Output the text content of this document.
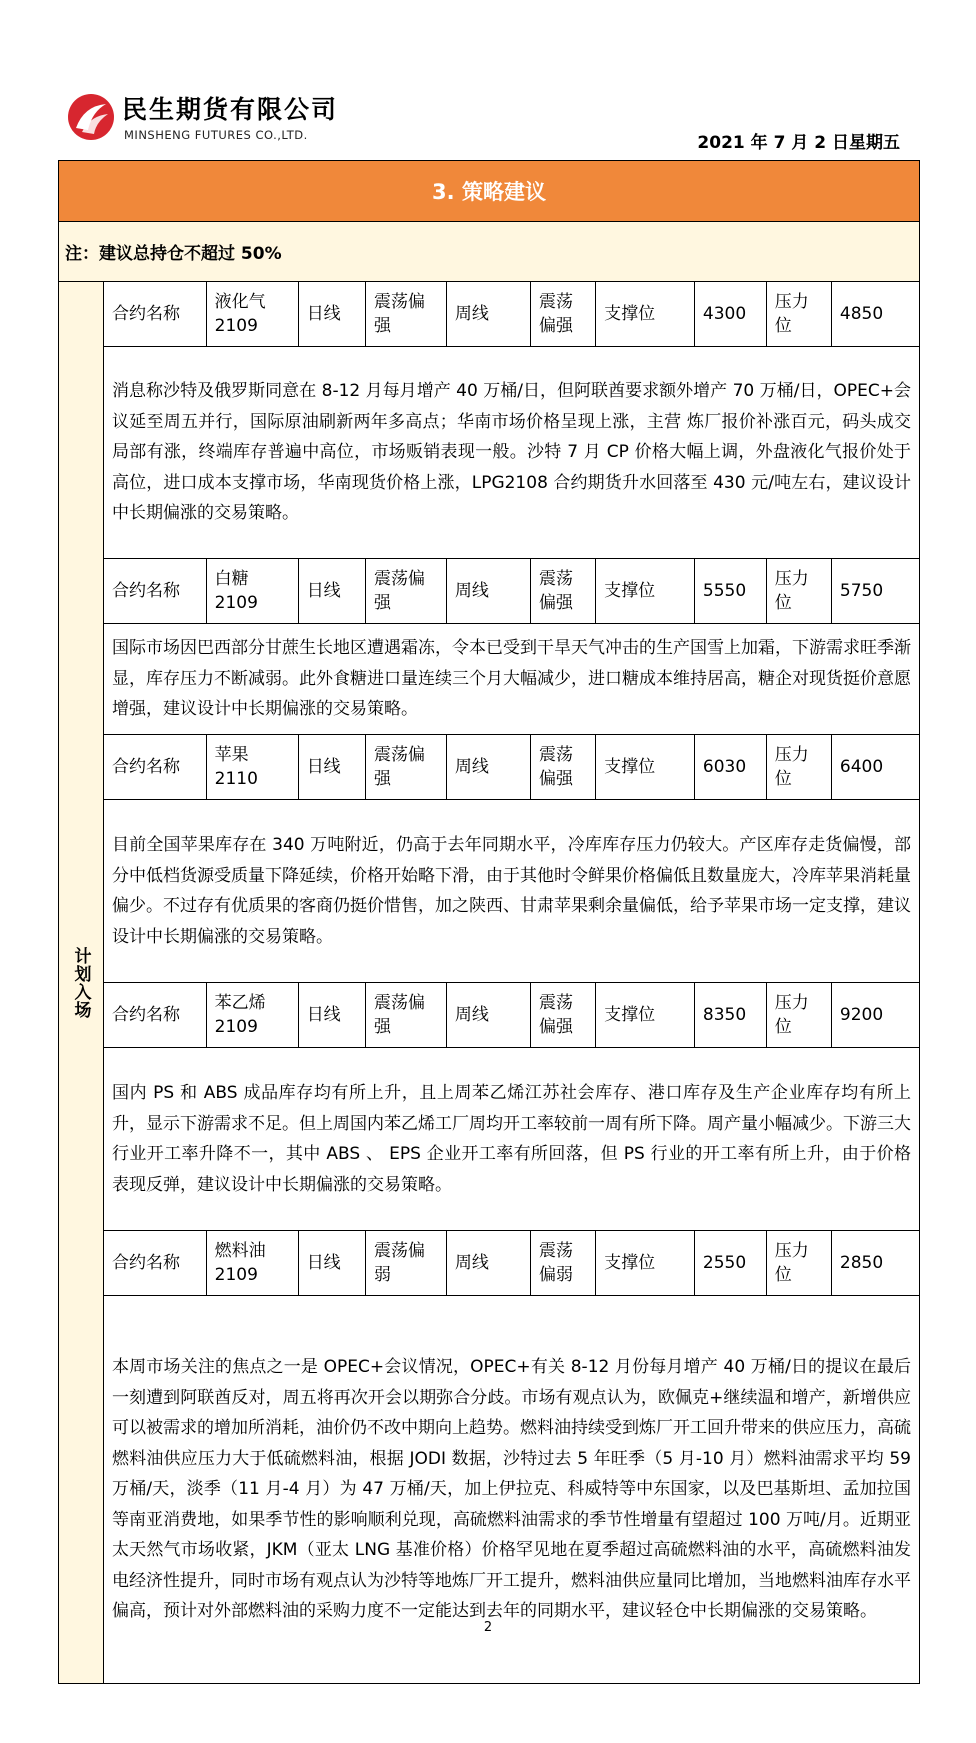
民生期货有限公司
MINSHENG FUTURES CO.,LTD.	2021 年 7 月 2 日星期五
3. 策略建议
注：建议总持仓不超过 50%
计划入场
合约名称	液化气 2109	日线	震荡偏强	周线	震荡偏强	支撑位	4300	压力位	4850
消息称沙特及俄罗斯同意在 8-12 月每月增产 40 万桶/日，但阿联酋要求额外增产 70 万桶/日，OPEC+会议延至周五并行，国际原油刷新两年多高点；华南市场价格呈现上涨，主营 炼厂报价补涨百元，码头成交局部有涨，终端库存普遍中高位，市场贩销表现一般。沙特 7 月 CP 价格大幅上调，外盘液化气报价处于高位，进口成本支撑市场，华南现货价格上涨，LPG2108 合约期货升水回落至 430 元/吨左右，建议设计中长期偏涨的交易策略。									
合约名称	白糖 2109	日线	震荡偏强	周线	震荡偏强	支撑位	5550	压力位	5750
国际市场因巴西部分甘蔗生长地区遭遇霜冻，令本已受到干旱天气冲击的生产国雪上加霜，下游需求旺季渐显，库存压力不断减弱。此外食糖进口量连续三个月大幅减少，进口糖成本维持居高，糖企对现货挺价意愿增强，建议设计中长期偏涨的交易策略。									
合约名称	苹果 2110	日线	震荡偏强	周线	震荡偏强	支撑位	6030	压力位	6400
目前全国苹果库存在 340 万吨附近，仍高于去年同期水平，冷库库存压力仍较大。产区库存走货偏慢，部分中低档货源受质量下降延续，价格开始略下滑，由于其他时令鲜果价格偏低且数量庞大，冷库苹果消耗量偏少。不过存有优质果的客商仍挺价惜售，加之陕西、甘肃苹果剩余量偏低，给予苹果市场一定支撑，建议设计中长期偏涨的交易策略。									
合约名称	苯乙烯 2109	日线	震荡偏强	周线	震荡偏强	支撑位	8350	压力位	9200
国内 PS 和 ABS 成品库存均有所上升，且上周苯乙烯江苏社会库存、港口库存及生产企业库存均有所上升，显示下游需求不足。但上周国内苯乙烯工厂周均开工率较前一周有所下降。周产量小幅减少。下游三大行业开工率升降不一，其中 ABS 、 EPS 企业开工率有所回落，但 PS 行业的开工率有所上升，由于价格表现反弹，建议设计中长期偏涨的交易策略。									
合约名称	燃料油 2109	日线	震荡偏弱	周线	震荡偏弱	支撑位	2550	压力位	2850
本周市场关注的焦点之一是 OPEC+会议情况，OPEC+有关 8-12 月份每月增产 40 万桶/日的提议在最后一刻遭到阿联酋反对，周五将再次开会以期弥合分歧。市场有观点认为，欧佩克+继续温和增产，新增供应可以被需求的增加所消耗，油价仍不改中期向上趋势。燃料油持续受到炼厂开工回升带来的供应压力，高硫燃料油供应压力大于低硫燃料油，根据 JODI 数据，沙特过去 5 年旺季（5 月-10 月）燃料油需求平均 59 万桶/天，淡季（11 月-4 月）为 47 万桶/天，加上伊拉克、科威特等中东国家，以及巴基斯坦、孟加拉国等南亚消费地，如果季节性的影响顺利兑现，高硫燃料油需求的季节性增量有望超过 100 万吨/月。近期亚太天然气市场收紧，JKM（亚太 LNG 基准价格）价格罕见地在夏季超过高硫燃料油的水平，高硫燃料油发电经济性提升，同时市场有观点认为沙特等地炼厂开工提升，燃料油供应量同比增加，当地燃料油库存水平偏高，预计对外部燃料油的采购力度不一定能达到去年的同期水平，建议轻仓中长期偏涨的交易策略。									
2
